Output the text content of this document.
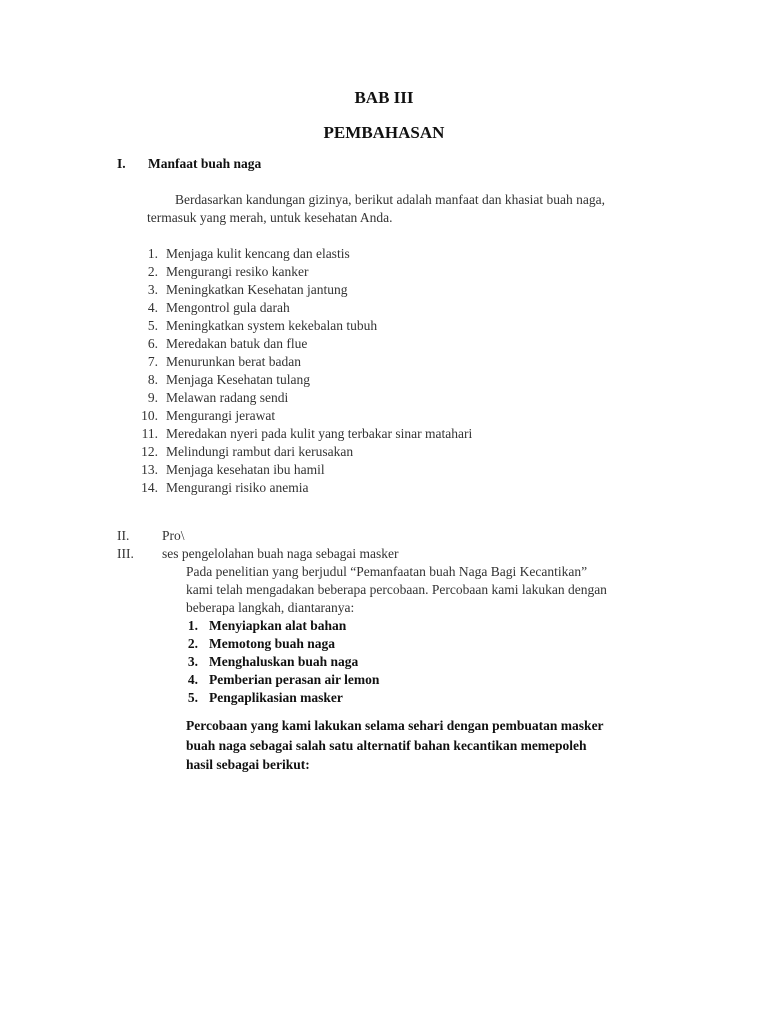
BAB III
PEMBAHASAN
I. Manfaat buah naga
Berdasarkan kandungan gizinya, berikut adalah manfaat dan khasiat buah naga,
termasuk yang merah, untuk kesehatan Anda.
1. Menjaga kulit kencang dan elastis
2. Mengurangi resiko kanker
3. Meningkatkan Kesehatan jantung
4. Mengontrol gula darah
5. Meningkatkan system kekebalan tubuh
6. Meredakan batuk dan flue
7. Menurunkan berat badan
8. Menjaga Kesehatan tulang
9. Melawan radang sendi
10. Mengurangi jerawat
11. Meredakan nyeri pada kulit yang terbakar sinar matahari
12. Melindungi rambut dari kerusakan
13. Menjaga kesehatan ibu hamil
14. Mengurangi risiko anemia
II. Pro\
III. ses pengelolahan buah naga sebagai masker
Pada penelitian yang berjudul “Pemanfaatan buah Naga Bagi Kecantikan”
kami telah mengadakan beberapa percobaan. Percobaan kami lakukan dengan
beberapa langkah, diantaranya:
1. Menyiapkan alat bahan
2. Memotong buah naga
3. Menghaluskan buah naga
4. Pemberian perasan air lemon
5. Pengaplikasian masker
Percobaan yang kami lakukan selama sehari dengan pembuatan masker
buah naga sebagai salah satu alternatif bahan kecantikan memepoleh
hasil sebagai berikut:
